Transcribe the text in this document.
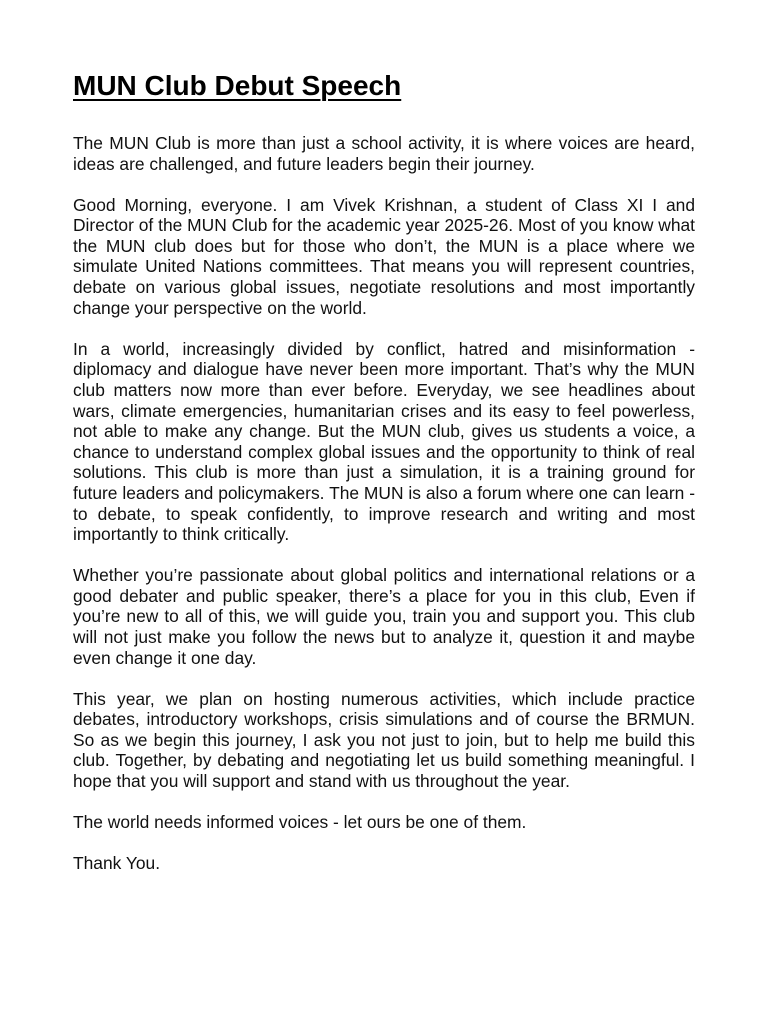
MUN Club Debut Speech

The MUN Club is more than just a school activity, it is where voices are heard, ideas are challenged, and future leaders begin their journey.

Good Morning, everyone. I am Vivek Krishnan, a student of Class XI I and Director of the MUN Club for the academic year 2025-26. Most of you know what the MUN club does but for those who don’t, the MUN is a place where we simulate United Nations committees. That means you will represent countries, debate on various global issues, negotiate resolutions and most importantly change your perspective on the world.

In a world, increasingly divided by conflict, hatred and misinformation - diplomacy and dialogue have never been more important. That’s why the MUN club matters now more than ever before. Everyday, we see headlines about wars, climate emergencies, humanitarian crises and its easy to feel powerless, not able to make any change. But the MUN club, gives us students a voice, a chance to understand complex global issues and the opportunity to think of real solutions. This club is more than just a simulation, it is a training ground for future leaders and policymakers. The MUN is also a forum where one can learn - to debate, to speak confidently, to improve research and writing and most importantly to think critically.

Whether you’re passionate about global politics and international relations or a good debater and public speaker, there’s a place for you in this club, Even if you’re new to all of this, we will guide you, train you and support you. This club will not just make you follow the news but to analyze it, question it and maybe even change it one day.

This year, we plan on hosting numerous activities, which include practice debates, introductory workshops, crisis simulations and of course the BRMUN. So as we begin this journey, I ask you not just to join, but to help me build this club. Together, by debating and negotiating let us build something meaningful. I hope that you will support and stand with us throughout the year.

The world needs informed voices - let ours be one of them.

Thank You.
